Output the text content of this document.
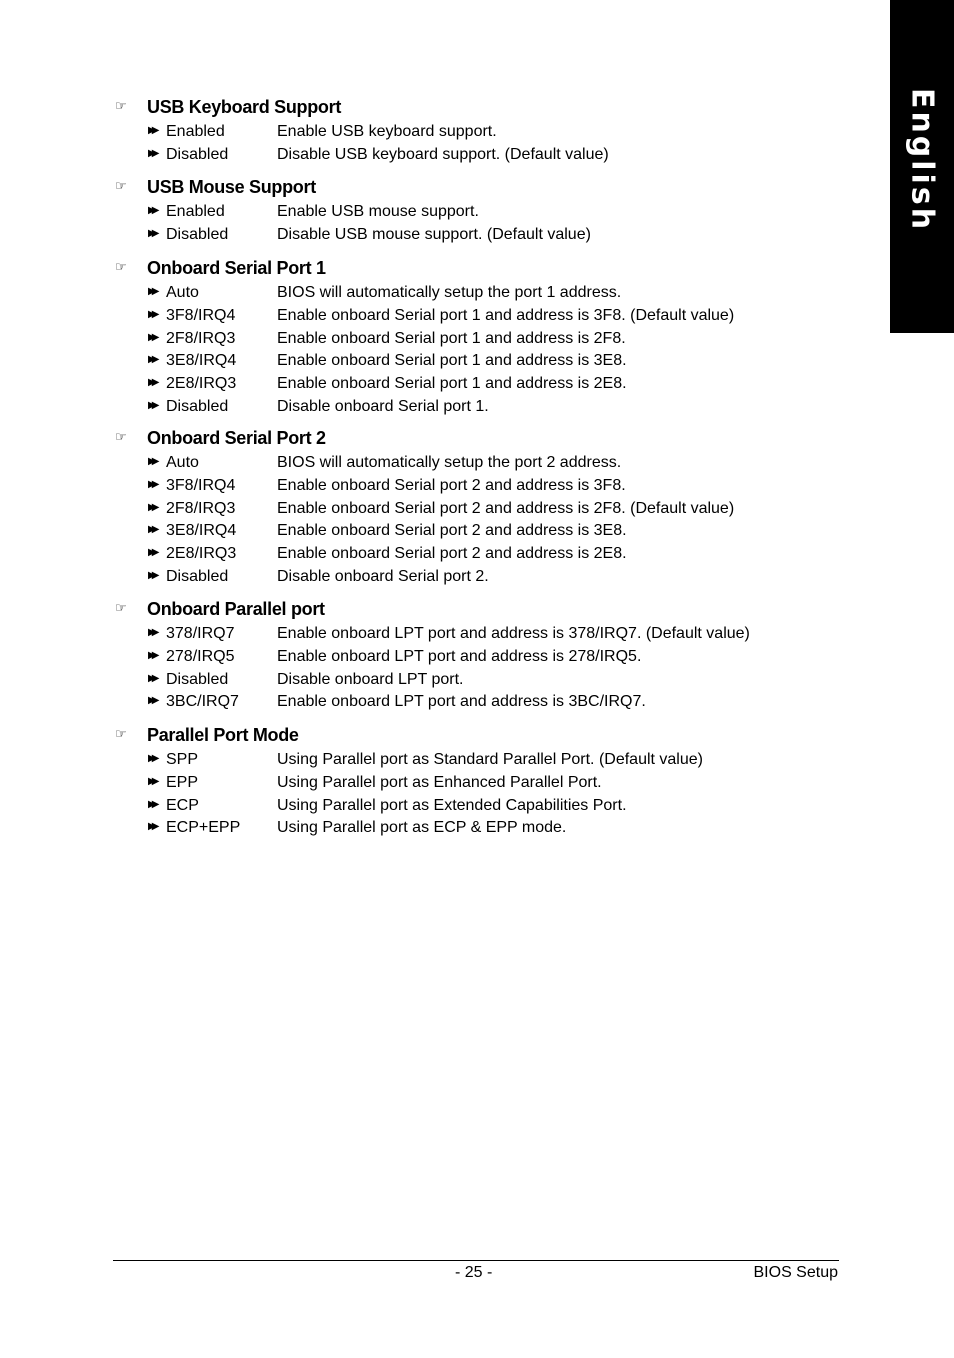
English
☞ USB Keyboard Support
▶▶ Enabled	Enable USB keyboard support.
▶▶ Disabled	Disable USB keyboard support. (Default value)
☞ USB Mouse Support
▶▶ Enabled	Enable USB mouse support.
▶▶ Disabled	Disable USB mouse support. (Default value)
☞ Onboard Serial Port 1
▶▶ Auto	BIOS will automatically setup the port 1 address.
▶▶ 3F8/IRQ4	Enable onboard Serial port 1 and address is 3F8. (Default value)
▶▶ 2F8/IRQ3	Enable onboard Serial port 1 and address is 2F8.
▶▶ 3E8/IRQ4	Enable onboard Serial port 1 and address is 3E8.
▶▶ 2E8/IRQ3	Enable onboard Serial port 1 and address is 2E8.
▶▶ Disabled	Disable onboard Serial port 1.
☞ Onboard Serial Port 2
▶▶ Auto	BIOS will automatically setup the port 2 address.
▶▶ 3F8/IRQ4	Enable onboard Serial port 2 and address is 3F8.
▶▶ 2F8/IRQ3	Enable onboard Serial port 2 and address is 2F8. (Default value)
▶▶ 3E8/IRQ4	Enable onboard Serial port 2 and address is 3E8.
▶▶ 2E8/IRQ3	Enable onboard Serial port 2 and address is 2E8.
▶▶ Disabled	Disable onboard Serial port 2.
☞ Onboard Parallel port
▶▶ 378/IRQ7	Enable onboard LPT port and address is 378/IRQ7. (Default value)
▶▶ 278/IRQ5	Enable onboard LPT port and address is 278/IRQ5.
▶▶ Disabled	Disable onboard LPT port.
▶▶ 3BC/IRQ7 Enable onboard LPT port and address is 3BC/IRQ7.
☞ Parallel Port Mode
▶▶ SPP	Using Parallel port as Standard Parallel Port. (Default value)
▶▶ EPP	Using Parallel port as Enhanced Parallel Port.
▶▶ ECP	Using Parallel port as Extended Capabilities Port.
▶▶ ECP+EPP Using Parallel port as ECP & EPP mode.
- 25 -	BIOS Setup
